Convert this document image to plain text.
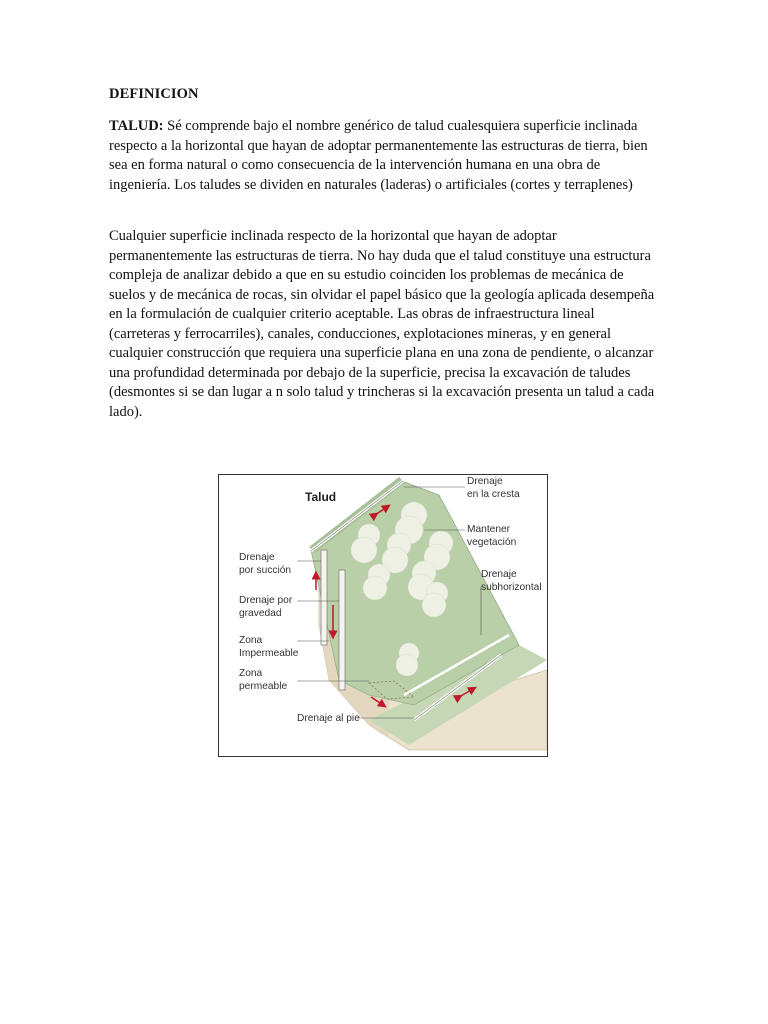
DEFINICION

TALUD: Sé comprende bajo el nombre genérico de talud cualesquiera superficie inclinada respecto a la horizontal que hayan de adoptar permanentemente las estructuras de tierra, bien sea en forma natural o como consecuencia de la intervención humana en una obra de ingeniería. Los taludes se dividen en naturales (laderas) o artificiales (cortes y terraplenes)

Cualquier superficie inclinada respecto de la horizontal que hayan de adoptar permanentemente las estructuras de tierra. No hay duda que el talud constituye una estructura compleja de analizar debido a que en su estudio coinciden los problemas de mecánica de suelos y de mecánica de rocas, sin olvidar el papel básico que la geología aplicada desempeña en la formulación de cualquier criterio aceptable. Las obras de infraestructura lineal (carreteras y ferrocarriles), canales, conducciones, explotaciones mineras, y en general cualquier construcción que requiera una superficie plana en una zona de pendiente, o alcanzar una profundidad determinada por debajo de la superficie, precisa la excavación de taludes (desmontes si se dan lugar a n solo talud y trincheras si la excavación presenta un talud a cada lado).

Talud
Drenaje
en la cresta
Mantener
vegetación
Drenaje
subhorizontal
Drenaje
por succión
Drenaje por
gravedad
Zona
Impermeable
Zona
permeable
Drenaje al pie
